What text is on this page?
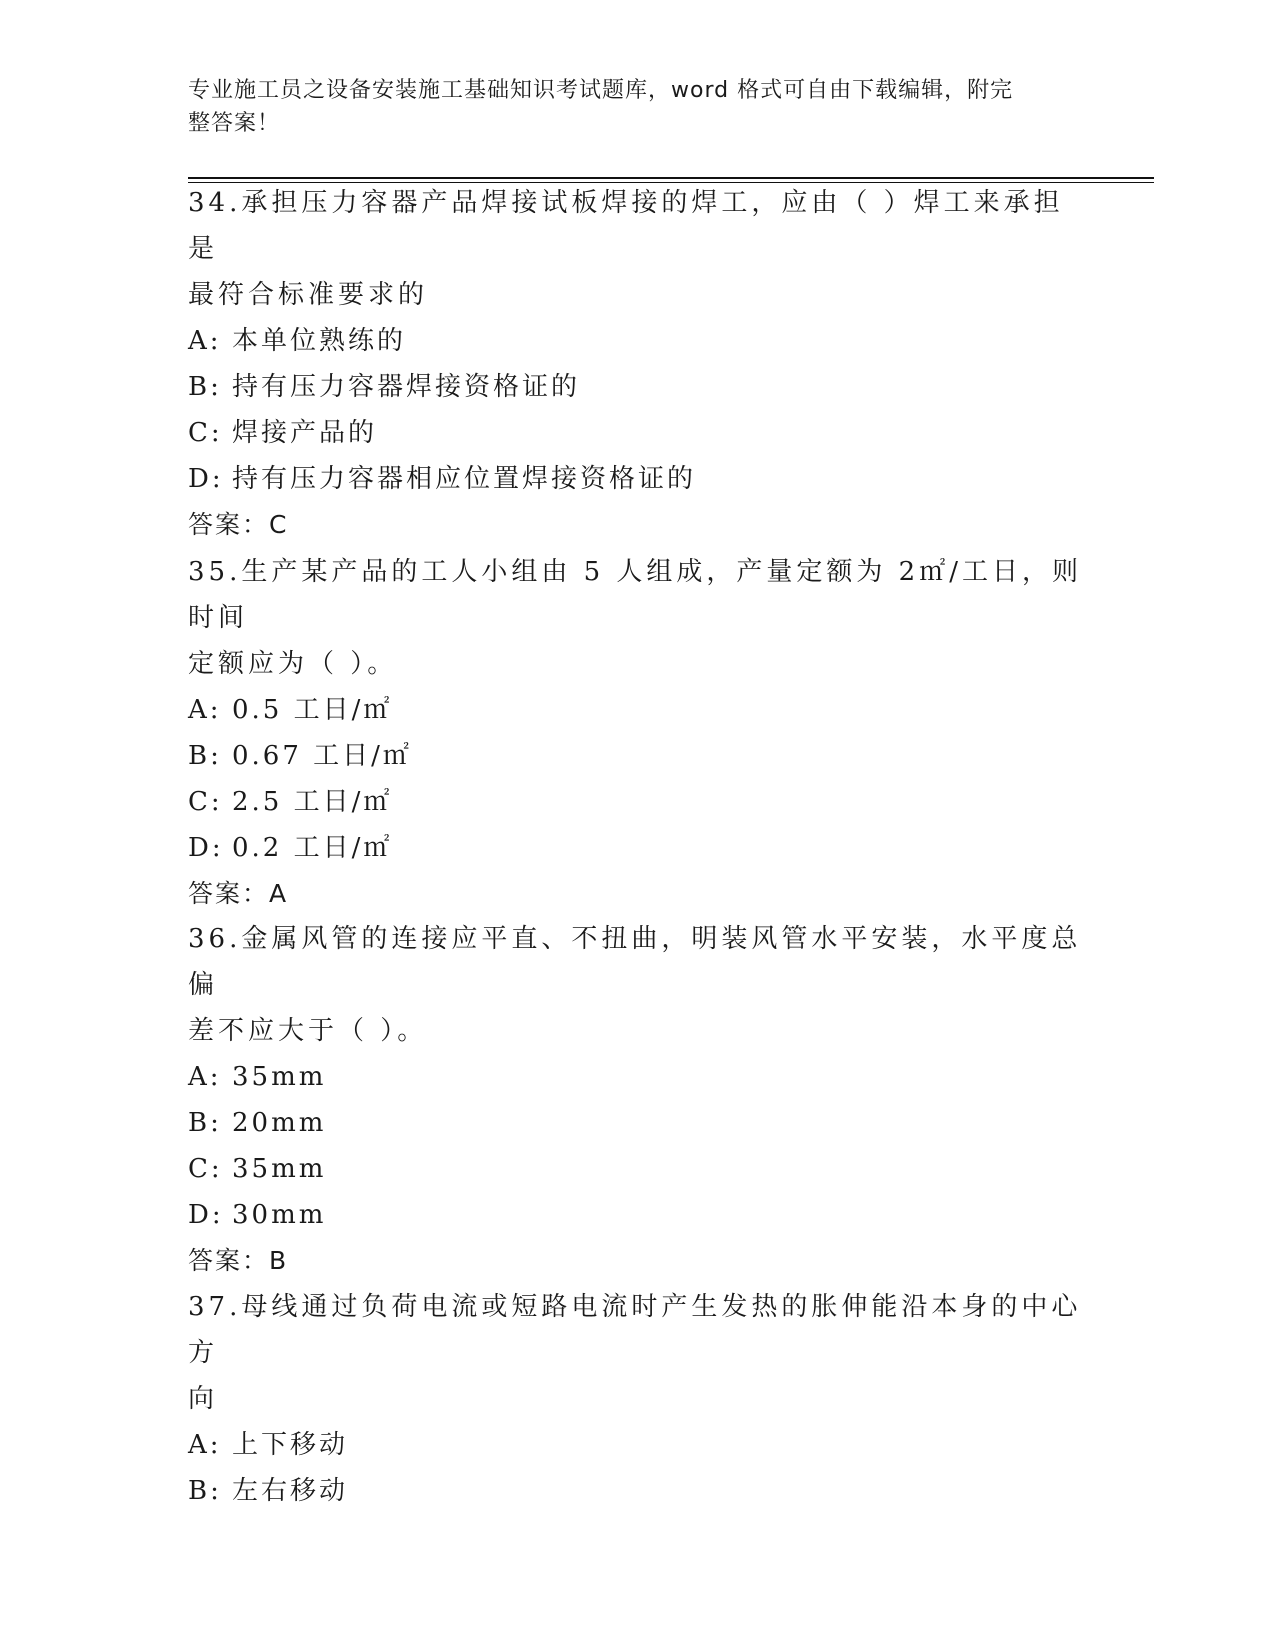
专业施工员之设备安装施工基础知识考试题库，word 格式可自由下载编辑，附完
整答案！

34.承担压力容器产品焊接试板焊接的焊工，应由（ ）焊工来承担是

最符合标准要求的

A: 本单位熟练的

B: 持有压力容器焊接资格证的

C: 焊接产品的

D: 持有压力容器相应位置焊接资格证的

答案：C

35.生产某产品的工人小组由 5 人组成，产量定额为 2㎡/工日，则时间

定额应为（ ）。

A: 0.5 工日/㎡

B: 0.67 工日/㎡

C: 2.5 工日/㎡

D: 0.2 工日/㎡

答案：A

36.金属风管的连接应平直、不扭曲，明装风管水平安装，水平度总偏

差不应大于（ ）。

A: 35mm

B: 20mm

C: 35mm

D: 30mm

答案：B

37.母线通过负荷电流或短路电流时产生发热的胀伸能沿本身的中心方

向

A: 上下移动

B: 左右移动
